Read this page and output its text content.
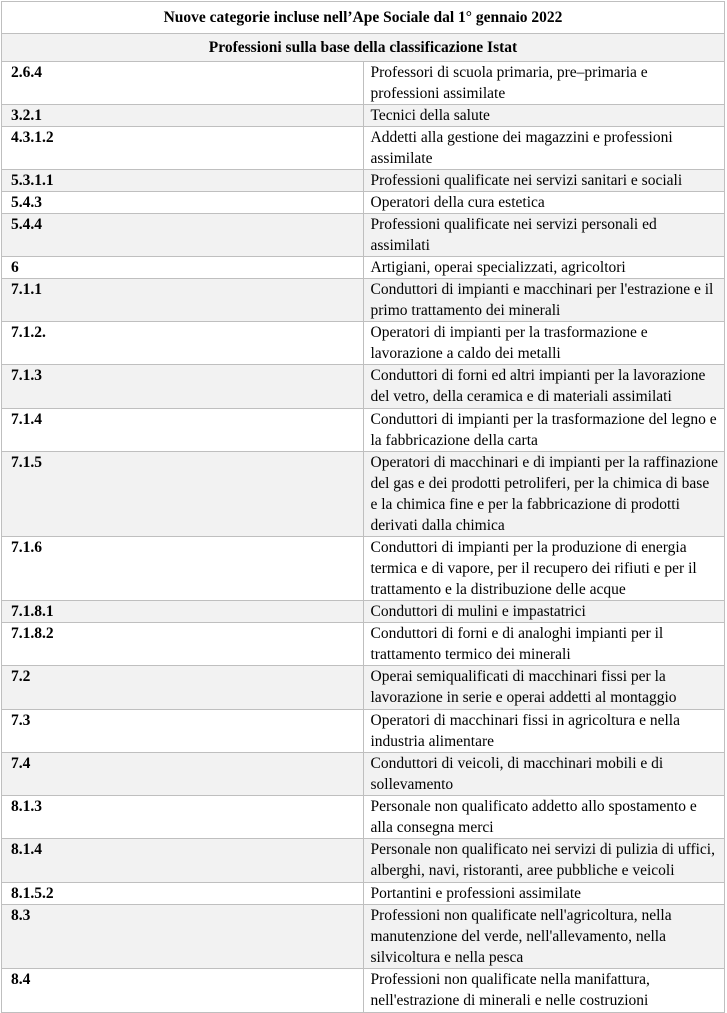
Nuove categorie incluse nell’Ape Sociale dal 1° gennaio 2022	
Professioni sulla base della classificazione Istat	
2.6.4	Professori di scuola primaria, pre–primaria e professioni assimilate
3.2.1	Tecnici della salute
4.3.1.2	Addetti alla gestione dei magazzini e professioni assimilate
5.3.1.1	Professioni qualificate nei servizi sanitari e sociali
5.4.3	Operatori della cura estetica
5.4.4	Professioni qualificate nei servizi personali ed assimilati
6	Artigiani, operai specializzati, agricoltori
7.1.1	Conduttori di impianti e macchinari per l'estrazione e il primo trattamento dei minerali
7.1.2.	Operatori di impianti per la trasformazione e lavorazione a caldo dei metalli
7.1.3	Conduttori di forni ed altri impianti per la lavorazione del vetro, della ceramica e di materiali assimilati
7.1.4	Conduttori di impianti per la trasformazione del legno e la fabbricazione della carta
7.1.5	Operatori di macchinari e di impianti per la raffinazione del gas e dei prodotti petroliferi, per la chimica di base e la chimica fine e per la fabbricazione di prodotti derivati dalla chimica
7.1.6	Conduttori di impianti per la produzione di energia termica e di vapore, per il recupero dei rifiuti e per il trattamento e la distribuzione delle acque
7.1.8.1	Conduttori di mulini e impastatrici
7.1.8.2	Conduttori di forni e di analoghi impianti per il trattamento termico dei minerali
7.2	Operai semiqualificati di macchinari fissi per la lavorazione in serie e operai addetti al montaggio
7.3	Operatori di macchinari fissi in agricoltura e nella industria alimentare
7.4	Conduttori di veicoli, di macchinari mobili e di sollevamento
8.1.3	Personale non qualificato addetto allo spostamento e alla consegna merci
8.1.4	Personale non qualificato nei servizi di pulizia di uffici, alberghi, navi, ristoranti, aree pubbliche e veicoli
8.1.5.2	Portantini e professioni assimilate
8.3	Professioni non qualificate nell'agricoltura, nella manutenzione del verde, nell'allevamento, nella silvicoltura e nella pesca
8.4	Professioni non qualificate nella manifattura, nell'estrazione di minerali e nelle costruzioni
